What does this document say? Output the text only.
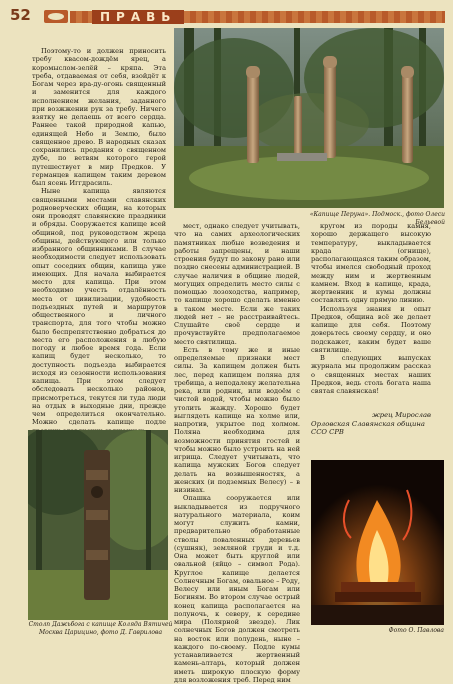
52	ПРАВЬ
«Капище Перуна». Подмоск., фото Олеси Бельевой

Поэтому-то и должен приносить требу квасом-дождём ярец, а коромыслом-зелёй – кряпа. Эта треба, отдаваемая от себя, взойдёт к Богам через вра-ду-огонь священный и заменится для каждого исполнением желания, заданного при возжжении рук за требу. Ничего взятку не делаешь от всего сердца. Раннее такой природной капью, единящей Небо и Землю, было священное древо. В народных сказах сохранились предания о священном дубе, по ветвям которого герой путешествует в мир Предков. У германцев капищем таким деревом был ясень Иггдрасиль.

Ныне капища являются священными местами славянских родноверческих общин, на которых они проводят славянские праздники и обряды. Сооружается капище всей общиной, под руководством жреца общины, действующего или только избранного общинниками. В случае необходимости следует использовать опыт соседних общин, капища уже имеющих. Для начала выбирается место для капища. При этом необходимо учесть отдалённость места от цивилизации, удобность подъездных путей и маршрутов общественного и личного транспорта, для того чтобы можно было беспрепятственно добраться до места его расположения в любую погоду и любое время года. Если капищ будет несколько, то доступность подъезда выбирается исходя из сезонности использования капища. При этом следует обследовать несколько районов, присмотреться, текутся ли туда люди на отдых в выходные дни, прежде чем определиться окончательно. Можно сделать капище подле

мест, однако следует учитывать, что на самих археологических памятниках любые возведения и работы запрещены, и наши строения будут по закону рано или поздно снесены администрацией. В случае наличия в общине людей, могущих определить место силы с помощью лозоходства, например, то капище хорошо сделать именно в таком месте. Если же таких людей нет – не расстраивайтесь. Слушайте своё сердце и прочувствуйте предполагаемое место святилища.

Есть в тому же и иные определяемые признаки мест силы. За капищем должен быть лес, перед капищем поляна для требища, а неподалеку желательна река, или родник, или водоём с чистой водой, чтобы можно было утолить жажду. Хорошо будет выглядеть капище на холме или, напротив, укрытое под холмом. Поляна необходима для возможности принятия гостей и чтобы можно было устроить на ней игрища. Следует учитывать, что капища мужских Богов следует делать на возвышенностях, а женских (и подземных Велесу) – в низинах.

Опашка сооружается или выкладывается из подручного натурального материала, коим могут служить камни, предварительно обработанные стволы поваленных деревьев (сушняк), земляной груди и т.д. Она может быть круглой или овальной (яйцо – символ Рода). Круглое капище делается Солнечным Богам, овальное – Роду, Велесу или иным Богам или Богиням. Во втором случае острый конец капища располагается на полуночь, к северу, к середине мира (Полярной звезде). Лик солнечных Богов должен смотреть на восток или полудень, ныне – каждого по-своему. Подле кумы устанавливается жертвенный камень-алтарь, который должен иметь широкую плоскую форму для возложения треб. Перед ним

кругом из породы камня, хорошо держащего высокую температуру, выкладывается крада (огнище), располагающаяся таким образом, чтобы имелся свободный проход между ним и жертвенным камнем. Вход в капище, крада, жертвенник и кумы должны составлять одну прямую линию.

Используя знания и опыт Предков, община всё же делает капище для себя. Поэтому доверьтесь своему сердцу, и оно подскажет, каким будет ваше святилище.

В следующих выпусках журнала мы продолжим рассказ о священных местах наших Предков, ведь столь богата наша святая славянская!

жрец Мирослав
Орловская Славянская община ССО СРВ
Столп Дажьбога с капище Коляда Вятичей Москва Царицино, фото Д. Гаврилова	Фото О. Павлова
